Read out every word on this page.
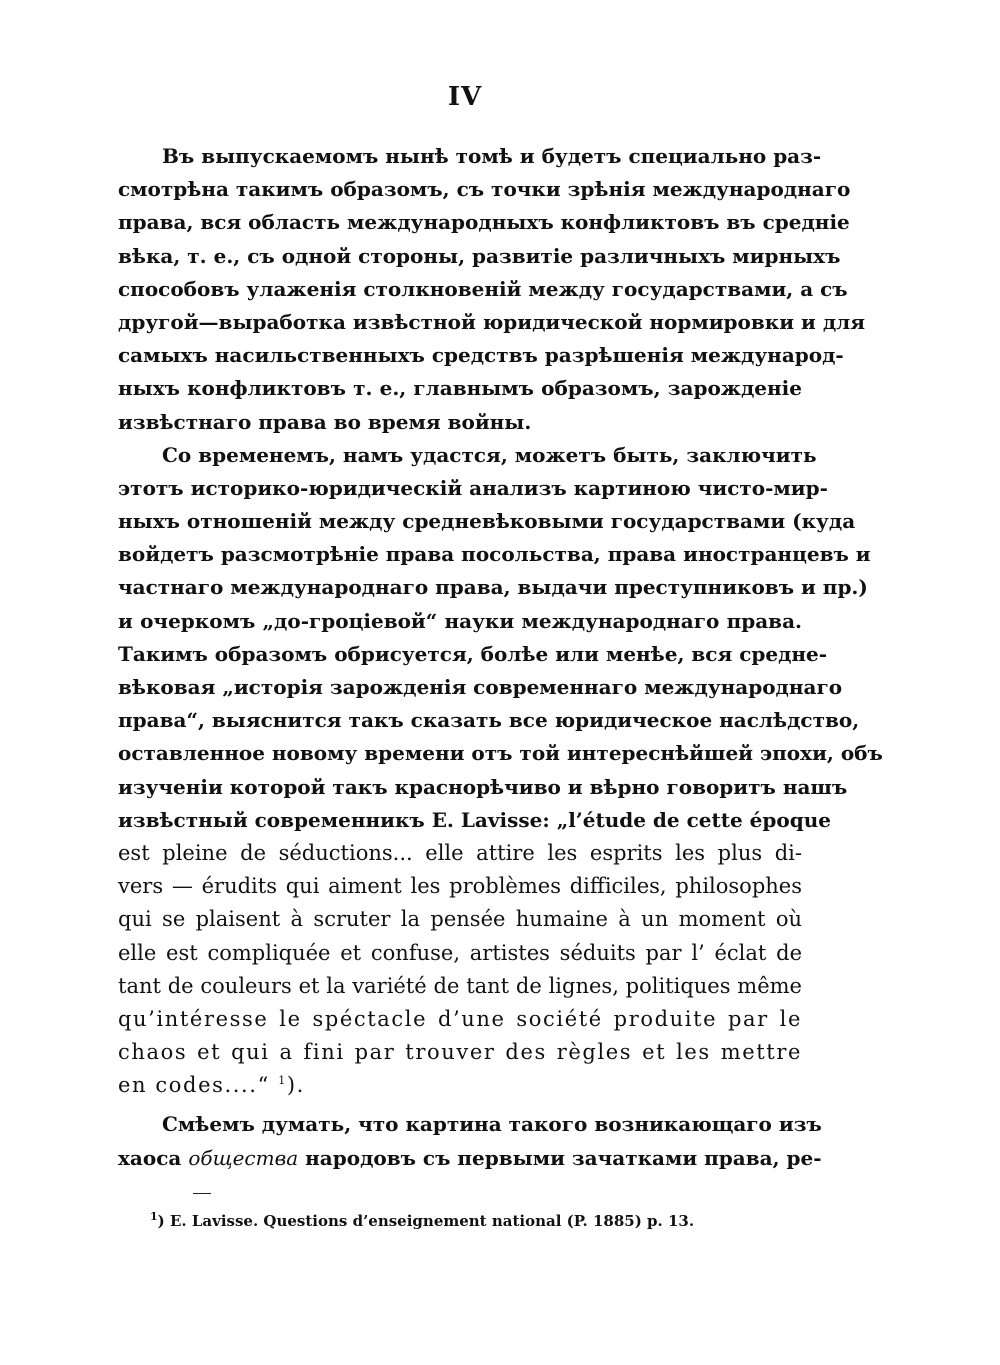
IV
Въ выпускаемомъ нынѣ томѣ и будетъ специально раз-
смотрѣна такимъ образомъ, съ точки зрѣнія международнаго
права, вся область международныхъ конфликтовъ въ средніе
вѣка, т. е., съ одной стороны, развитіе различныхъ мирныхъ
способовъ улаженія столкновеній между государствами, а съ
другой—выработка извѣстной юридической нормировки и для
самыхъ насильственныхъ средствъ разрѣшенія международ-
ныхъ конфликтовъ т. е., главнымъ образомъ, зарожденіе
извѣстнаго права во время войны.
Со временемъ, намъ удастся, можетъ быть, заключить
этотъ историко-юридическій анализъ картиною чисто-мир-
ныхъ отношеній между средневѣковыми государствами (куда
войдетъ разсмотрѣніе права посольства, права иностранцевъ и
частнаго международнаго права, выдачи преступниковъ и пр.)
и очеркомъ „до-гроціевой“ науки международнаго права.
Такимъ образомъ обрисуется, болѣе или менѣе, вся средне-
вѣковая „исторія зарожденія современнаго международнаго
права“, выяснится такъ сказать все юридическое наслѣдство,
оставленное новому времени отъ той интереснѣйшей эпохи, объ
изученіи которой такъ краснорѣчиво и вѣрно говоритъ нашъ
извѣстный современникъ E. Lavisse: „l’étude de cette époque
est pleine de séductions... elle attire les esprits les plus di-
vers — érudits qui aiment les problèmes difficiles, philosophes
qui se plaisent à scruter la pensée humaine à un moment où
elle est compliquée et confuse, artistes séduits par l’ éclat de
tant de couleurs et la variété de tant de lignes, politiques même
qu’intéresse le spéctacle d’une société produite par le
chaos et qui a fini par trouver des règles et les mettre
en codes....“ $^1$).
Смѣемъ думать, что картина такого возникающаго изъ
хаоса общества народовъ съ первыми зачатками права, ре-
$^1$) E. Lavisse. Questions d’enseignement national (P. 1885) p. 13.
